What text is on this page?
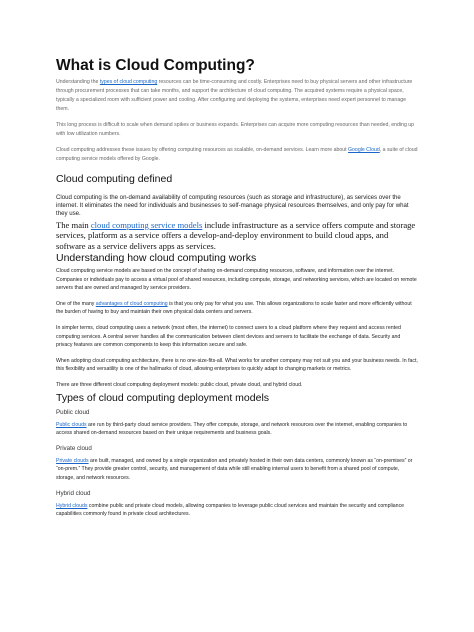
What is Cloud Computing?

Understanding the types of cloud computing resources can be time-consuming and costly. Enterprises need to buy physical servers and other infrastructure through procurement processes that can take months, and support the architecture of cloud computing. The acquired systems require a physical space, typically a specialized room with sufficient power and cooling. After configuring and deploying the systems, enterprises need expert personnel to manage them.

This long process is difficult to scale when demand spikes or business expands. Enterprises can acquire more computing resources than needed, ending up with low utilization numbers.

Cloud computing addresses these issues by offering computing resources as scalable, on-demand services. Learn more about Google Cloud, a suite of cloud computing service models offered by Google.

Cloud computing defined

Cloud computing is the on-demand availability of computing resources (such as storage and infrastructure), as services over the internet. It eliminates the need for individuals and businesses to self-manage physical resources themselves, and only pay for what they use.

The main cloud computing service models include infrastructure as a service offers compute and storage services, platform as a service offers a develop-and-deploy environment to build cloud apps, and software as a service delivers apps as services.

Understanding how cloud computing works

Cloud computing service models are based on the concept of sharing on-demand computing resources, software, and information over the internet. Companies or individuals pay to access a virtual pool of shared resources, including compute, storage, and networking services, which are located on remote servers that are owned and managed by service providers.

One of the many advantages of cloud computing is that you only pay for what you use. This allows organizations to scale faster and more efficiently without the burden of having to buy and maintain their own physical data centers and servers.

In simpler terms, cloud computing uses a network (most often, the internet) to connect users to a cloud platform where they request and access rented computing services. A central server handles all the communication between client devices and servers to facilitate the exchange of data. Security and privacy features are common components to keep this information secure and safe.

When adopting cloud computing architecture, there is no one-size-fits-all. What works for another company may not suit you and your business needs. In fact, this flexibility and versatility is one of the hallmarks of cloud, allowing enterprises to quickly adapt to changing markets or metrics.

There are three different cloud computing deployment models: public cloud, private cloud, and hybrid cloud.

Types of cloud computing deployment models
Public cloud

Public clouds are run by third-party cloud service providers. They offer compute, storage, and network resources over the internet, enabling companies to access shared on-demand resources based on their unique requirements and business goals.

Private cloud

Private clouds are built, managed, and owned by a single organization and privately hosted in their own data centers, commonly known as “on-premises” or “on-prem.” They provide greater control, security, and management of data while still enabling internal users to benefit from a shared pool of compute, storage, and network resources.

Hybrid cloud

Hybrid clouds combine public and private cloud models, allowing companies to leverage public cloud services and maintain the security and compliance capabilities commonly found in private cloud architectures.
